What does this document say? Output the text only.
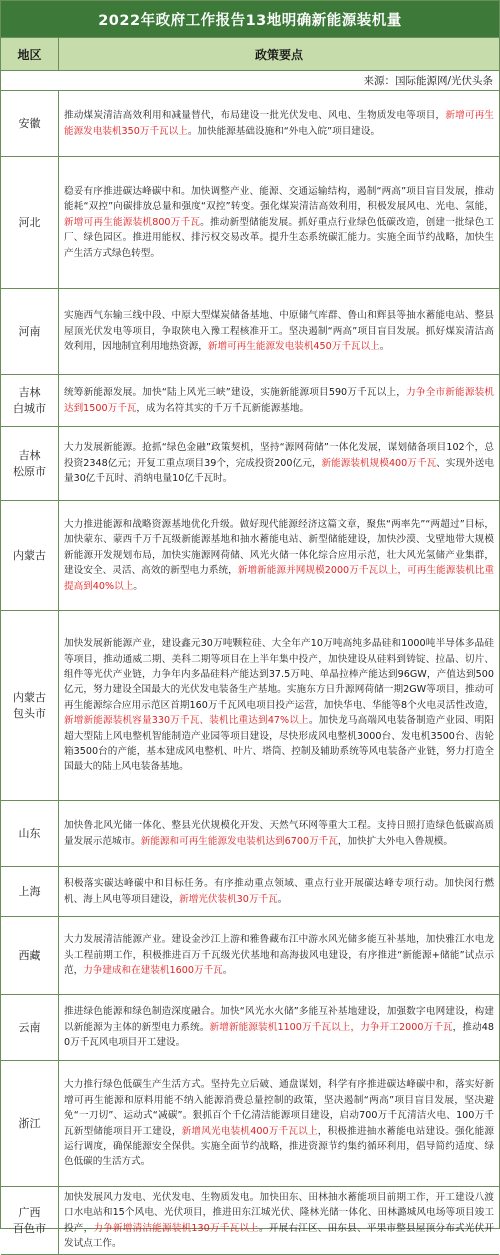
2022年政府工作报告13地明确新能源装机量
地区	政策要点
来源：国际能源网/光伏头条
安徽
推动煤炭清洁高效利用和减量替代，布局建设一批光伏发电、风电、生物质发电等项目，新增可再生能源发电装机350万千瓦以上。加快能源基础设施和“外电入皖”项目建设。
河北
稳妥有序推进碳达峰碳中和。加快调整产业、能源、交通运输结构，遏制“两高”项目盲目发展，推动能耗“双控”向碳排放总量和强度“双控”转变。强化煤炭清洁高效利用，积极发展风电、光电、氢能，新增可再生能源装机800万千瓦。推动新型储能发展。抓好重点行业绿色低碳改造，创建一批绿色工厂、绿色园区。推进用能权、排污权交易改革。提升生态系统碳汇能力。实施全面节约战略，加快生产生活方式绿色转型。
河南
实施西气东输三线中段、中原大型煤炭储备基地、中原储气库群、鲁山和辉县等抽水蓄能电站、整县屋顶光伏发电等项目，争取陕电入豫工程核准开工。坚决遏制“两高”项目盲目发展。抓好煤炭清洁高效利用，因地制宜利用地热资源，新增可再生能源发电装机450万千瓦以上。
吉林
白城市
统筹新能源发展。加快“陆上风光三峡”建设，实施新能源项目590万千瓦以上，力争全市新能源装机达到1500万千瓦，成为名符其实的千万千瓦新能源基地。
吉林
松原市
大力发展新能源。抢抓“绿色金融”政策契机，坚持“源网荷储”一体化发展，谋划储备项目102个，总投资2348亿元；开复工重点项目39个，完成投资200亿元，新能源装机规模400万千瓦、实现外送电量30亿千瓦时、消纳电量10亿千瓦时。
内蒙古
大力推进能源和战略资源基地优化升级。做好现代能源经济这篇文章，聚焦“两率先”“两超过”目标，加快蒙东、蒙西千万千瓦级新能源基地和抽水蓄能电站、新型储能建设，加快沙漠、戈壁地带大规模新能源开发规划布局，加快实施源网荷储、风光火储一体化综合应用示范，壮大风光氢储产业集群，建设安全、灵活、高效的新型电力系统，新增新能源并网规模2000万千瓦以上，可再生能源装机比重提高到40%以上。
内蒙古
包头市
加快发展新能源产业，建设鑫元30万吨颗粒硅、大全年产10万吨高纯多晶硅和1000吨半导体多晶硅等项目，推动通威二期、美科二期等项目在上半年集中投产，加快建设从硅料到铸锭、拉晶、切片、组件等光伏产业链，力争年内多晶硅料产能达到37.5万吨、单晶拉棒产能达到96GW，产值达到500亿元，努力建设全国最大的光伏发电装备生产基地。实施东方日升源网荷储一期2GW等项目，推动可再生能源综合应用示范区首期160万千瓦风电项目投产运营，加快华电、华能等8个火电灵活性改造，新增新能源装机容量330万千瓦、装机比重达到47%以上。加快龙马高端风电装备制造产业园、明阳超大型陆上风电整机智能制造产业园等项目建设，尽快形成风电整机3000台、发电机3500台、齿轮箱3500台的产能，基本建成风电整机、叶片、塔筒、控制及辅助系统等风电装备产业链，努力打造全国最大的陆上风电装备基地。
山东
加快鲁北风光储一体化、整县光伏规模化开发、天然气环网等重大工程。支持日照打造绿色低碳高质量发展示范城市。新能源和可再生能源发电装机达到6700万千瓦，加快扩大外电入鲁规模。
上海
积极落实碳达峰碳中和目标任务。有序推动重点领域、重点行业开展碳达峰专项行动。加快闵行燃机、海上风电等项目建设，新增光伏装机30万千瓦。
西藏
大力发展清洁能源产业。建设金沙江上游和雅鲁藏布江中游水风光储多能互补基地，加快雅江水电龙头工程前期工作，积极推进百万千瓦级光伏基地和高海拔风电建设，有序推进“新能源+储能”试点示范，力争建成和在建装机1600万千瓦。
云南
推进绿色能源和绿色制造深度融合。加快“风光水火储”多能互补基地建设，加强数字电网建设，构建以新能源为主体的新型电力系统。新增新能源装机1100万千瓦以上，力争开工2000万千瓦，推动480万千瓦风电项目开工建设。
浙江
大力推行绿色低碳生产生活方式。坚持先立后破、通盘谋划，科学有序推进碳达峰碳中和，落实好新增可再生能源和原料用能不纳入能源消费总量控制的政策，坚决遏制“两高”项目盲目发展，坚决避免“一刀切”、运动式“减碳”。狠抓百个千亿清洁能源项目建设，启动700万千瓦清洁火电、100万千瓦新型储能项目开工建设，新增风光电装机400万千瓦以上，积极推进抽水蓄能电站建设。强化能源运行调度，确保能源安全保供。实施全面节约战略，推进资源节约集约循环利用，倡导简约适度、绿色低碳的生活方式。
广西
百色市
加快发展风力发电、光伏发电、生物质发电。加快田东、田林抽水蓄能项目前期工作，开工建设八渡口水电站和15个风电、光伏项目，推进田东江城光伏、隆林光储一体化、田林潞城风电场等项目竣工投产，力争新增清洁能源装机130万千瓦以上。开展右江区、田东县、平果市整县屋顶分布式光伏开发试点工作。
